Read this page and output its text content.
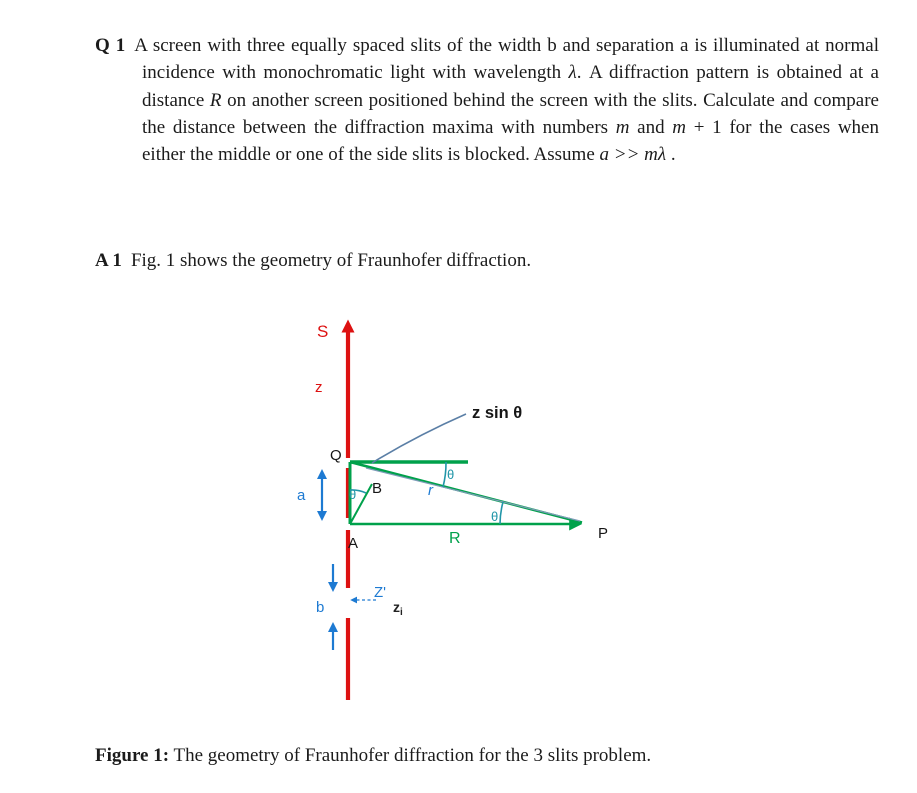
Q 1 A screen with three equally spaced slits of the width b and separation a is illuminated at normal incidence with monochromatic light with wavelength λ. A diffraction pattern is obtained at a distance R on another screen positioned behind the screen with the slits. Calculate and compare the distance between the diffraction maxima with numbers m and m + 1 for the cases when either the middle or one of the side slits is blocked. Assume a >> mλ .

A 1 Fig. 1 shows the geometry of Fraunhofer diffraction.

S
z
Q
B
A
P
R
r
θ
θ
θ
z sin θ
a
b
Z'
$z_i$

Figure 1: The geometry of Fraunhofer diffraction for the 3 slits problem.
